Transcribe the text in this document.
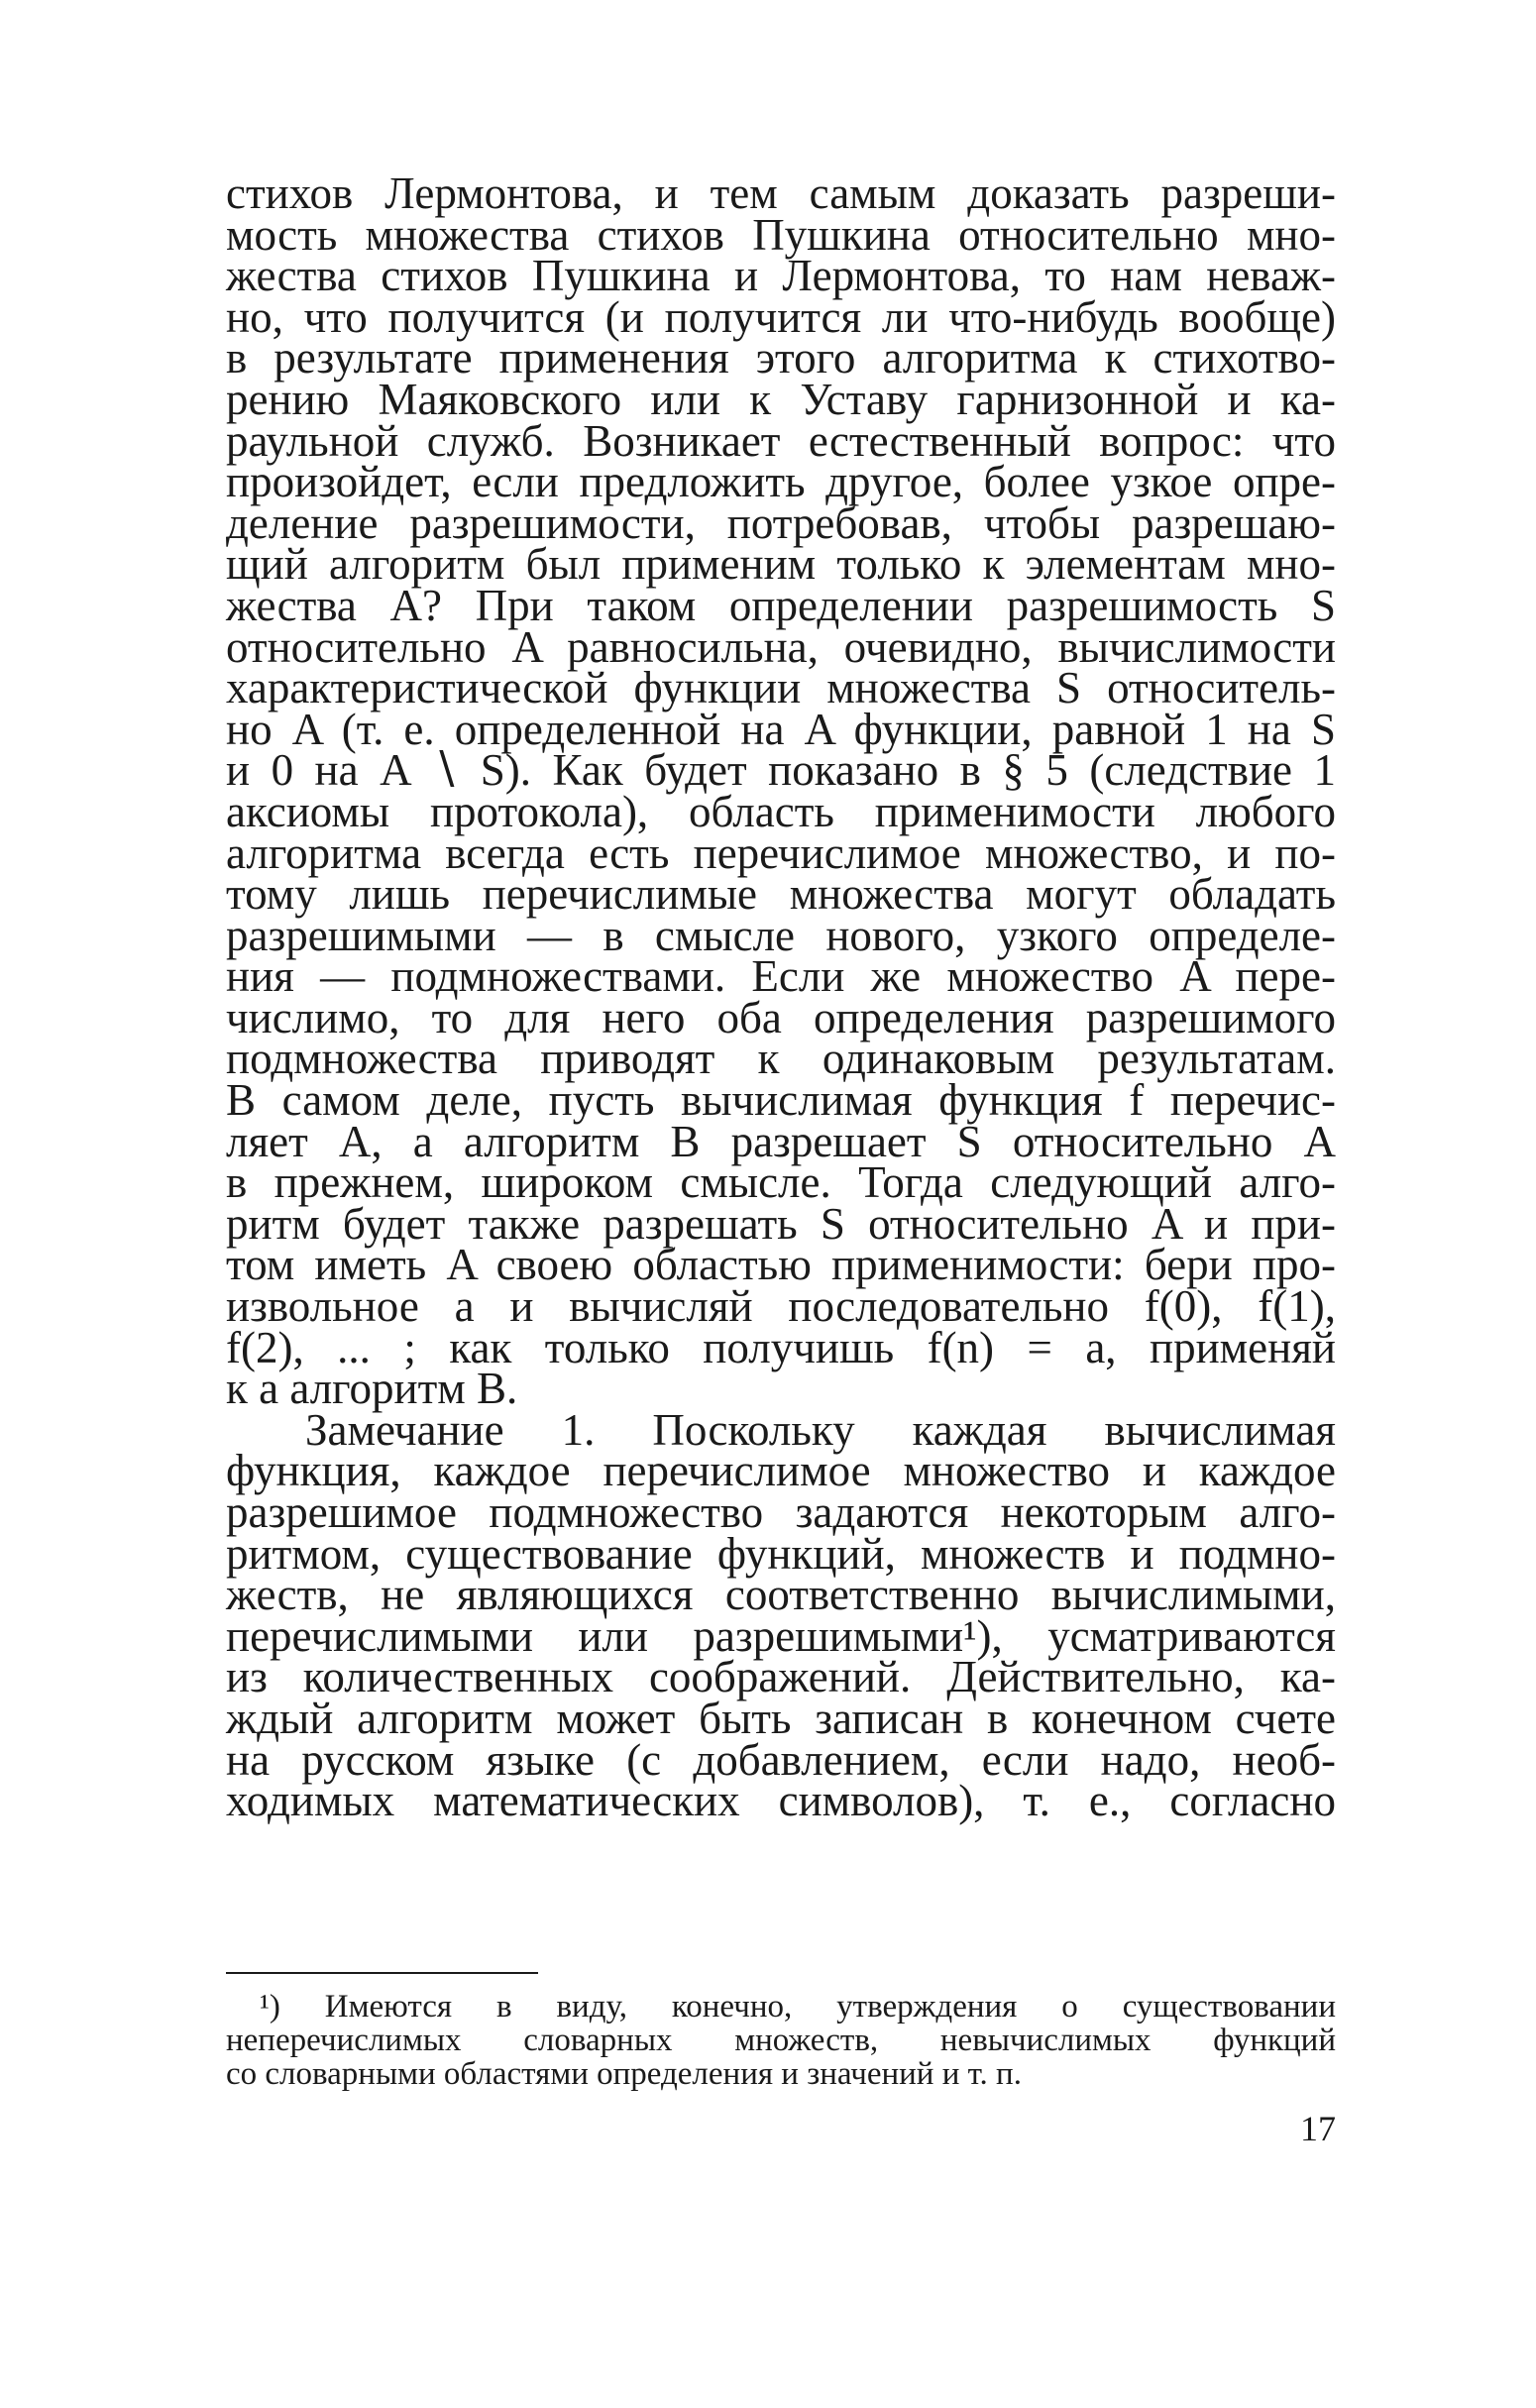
стихов Лермонтова, и тем самым доказать разреши-
мость множества стихов Пушкина относительно мно-
жества стихов Пушкина и Лермонтова, то нам неваж-
но, что получится (и получится ли что-нибудь вообще)
в результате применения этого алгоритма к стихотво-
рению Маяковского или к Уставу гарнизонной и ка-
раульной служб. Возникает естественный вопрос: что
произойдет, если предложить другое, более узкое опре-
деление разрешимости, потребовав, чтобы разрешаю-
щий алгоритм был применим только к элементам мно-
жества A? При таком определении разрешимость S
относительно A равносильна, очевидно, вычислимости
характеристической функции множества S относитель-
но A (т. е. определенной на A функции, равной 1 на S
и 0 на A ∖ S). Как будет показано в § 5 (следствие 1
аксиомы протокола), область применимости любого
алгоритма всегда есть перечислимое множество, и по-
тому лишь перечислимые множества могут обладать
разрешимыми — в смысле нового, узкого определе-
ния — подмножествами. Если же множество A пере-
числимо, то для него оба определения разрешимого
подмножества приводят к одинаковым результатам.
В самом деле, пусть вычислимая функция f перечис-
ляет A, а алгоритм B разрешает S относительно A
в прежнем, широком смысле. Тогда следующий алго-
ритм будет также разрешать S относительно A и при-
том иметь A своею областью применимости: бери про-
извольное a и вычисляй последовательно f(0), f(1),
f(2), ... ; как только получишь f(n) = a, применяй
к a алгоритм B.
Замечание 1. Поскольку каждая вычислимая
функция, каждое перечислимое множество и каждое
разрешимое подмножество задаются некоторым алго-
ритмом, существование функций, множеств и подмно-
жеств, не являющихся соответственно вычислимыми,
перечислимыми или разрешимыми¹), усматриваются
из количественных соображений. Действительно, ка-
ждый алгоритм может быть записан в конечном счете
на русском языке (с добавлением, если надо, необ-
ходимых математических символов), т. е., согласно
¹) Имеются в виду, конечно, утверждения о существовании
неперечислимых словарных множеств, невычислимых функций
со словарными областями определения и значений и т. п.
17
